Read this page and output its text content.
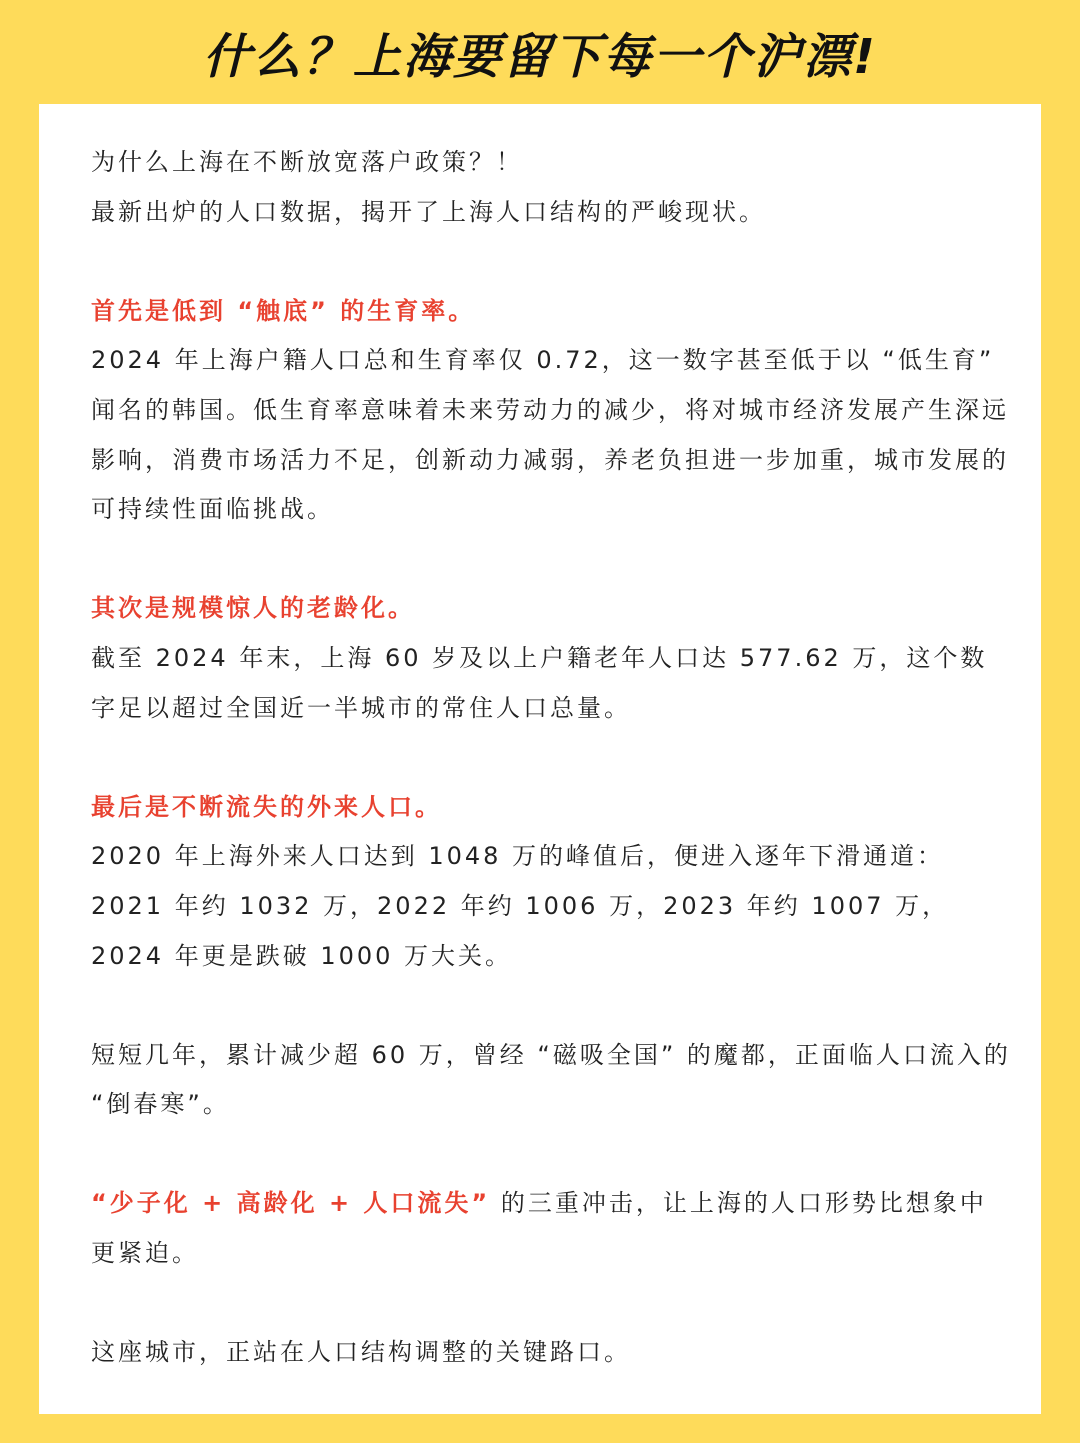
什么？上海要留下每一个沪漂!

为什么上海在不断放宽落户政策？！

最新出炉的人口数据，揭开了上海人口结构的严峻现状。

首先是低到 “触底” 的生育率。

2024 年上海户籍人口总和生育率仅 0.72，这一数字甚至低于以 “低生育” 闻名的韩国。低生育率意味着未来劳动力的减少，将对城市经济发展产生深远影响，消费市场活力不足，创新动力减弱，养老负担进一步加重，城市发展的可持续性面临挑战。

其次是规模惊人的老龄化。

截至 2024 年末，上海 60 岁及以上户籍老年人口达 577.62 万，这个数字足以超过全国近一半城市的常住人口总量。

最后是不断流失的外来人口。

2020 年上海外来人口达到 1048 万的峰值后，便进入逐年下滑通道：2021 年约 1032 万，2022 年约 1006 万，2023 年约 1007 万，2024 年更是跌破 1000 万大关。

短短几年，累计减少超 60 万，曾经 “磁吸全国” 的魔都，正面临人口流入的 “倒春寒”。

“少子化 + 高龄化 + 人口流失” 的三重冲击，让上海的人口形势比想象中更紧迫。

这座城市，正站在人口结构调整的关键路口。
